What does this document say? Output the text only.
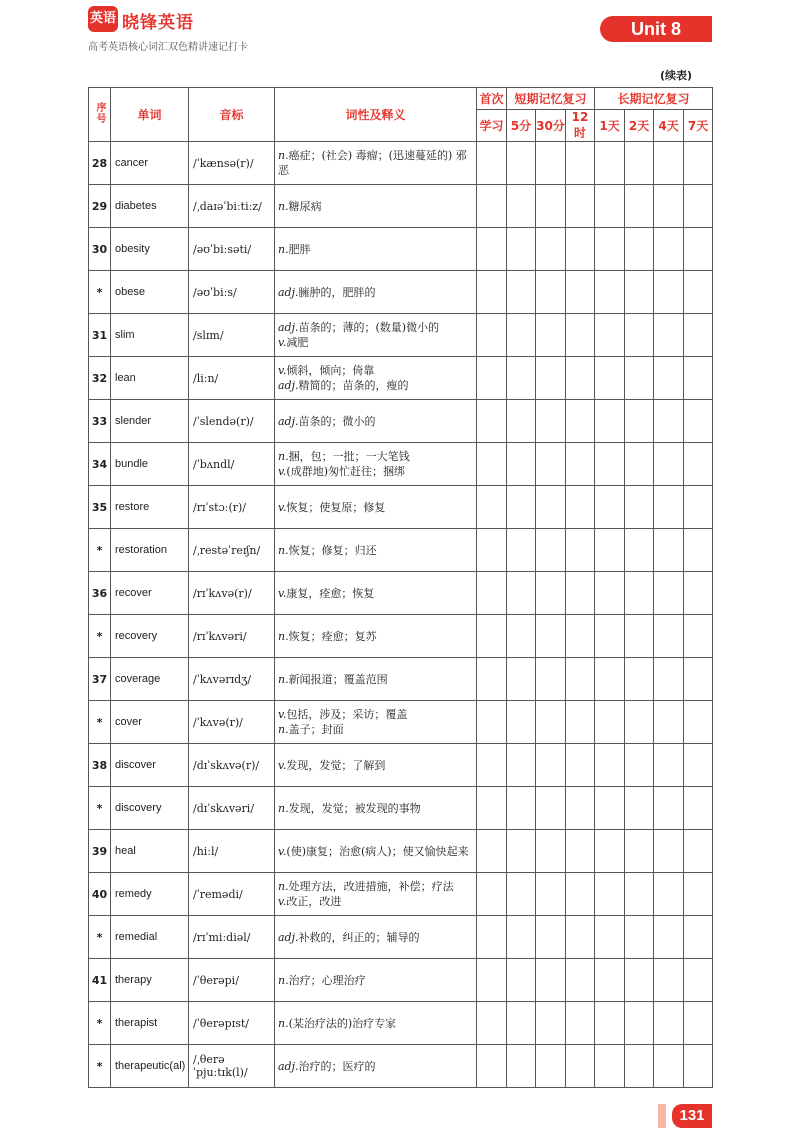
英语 晓锋英语
高考英语核心词汇双色精讲速记打卡
Unit 8
(续表)
序号	单词	音标	词性及释义	首次	短期记忆复习			长期记忆复习			
				学习	5分	30分	12时	1天	2天	4天	7天
28	cancer	/ˈkænsə(r)/	n.癌症；(社会) 毒瘤；(迅速蔓延的) 邪恶								

29	diabetes	/ˌdaɪəˈbiːtiːz/	n.糖尿病								

30	obesity	/əʊˈbiːsəti/	n.肥胖								

*	obese	/əʊˈbiːs/	adj.臃肿的，肥胖的								

31	slim	/slɪm/	adj.苗条的；薄的；(数量)微小的
v.减肥								

32	lean	/liːn/	v.倾斜，倾向；倚靠
adj.精简的；苗条的，瘦的								

33	slender	/ˈslendə(r)/	adj.苗条的；微小的								

34	bundle	/ˈbʌndl/	n.捆，包；一批；一大笔钱
v.(成群地)匆忙赶往；捆绑								

35	restore	/rɪˈstɔː(r)/	v.恢复；使复原；修复								

*	restoration	/ˌrestəˈreɪʃn/	n.恢复；修复；归还								

36	recover	/rɪˈkʌvə(r)/	v.康复，痊愈；恢复								

*	recovery	/rɪˈkʌvəri/	n.恢复；痊愈；复苏								

37	coverage	/ˈkʌvərɪdʒ/	n.新闻报道；覆盖范围								

*	cover	/ˈkʌvə(r)/	v.包括，涉及；采访；覆盖
n.盖子；封面								

38	discover	/dɪˈskʌvə(r)/	v.发现，发觉；了解到								

*	discovery	/dɪˈskʌvəri/	n.发现，发觉；被发现的事物								

39	heal	/hiːl/	v.(使)康复；治愈(病人)；使又愉快起来								

40	remedy	/ˈremədi/	n.处理方法，改进措施，补偿；疗法
v.改正，改进								

*	remedial	/rɪˈmiːdiəl/	adj.补救的，纠正的；辅导的								

41	therapy	/ˈθerəpi/	n.治疗；心理治疗								

*	therapist	/ˈθerəpɪst/	n.(某治疗法的)治疗专家								

*	therapeutic(al)	/ˌθerəˈpjuːtɪk(l)/	adj.治疗的；医疗的								

131
